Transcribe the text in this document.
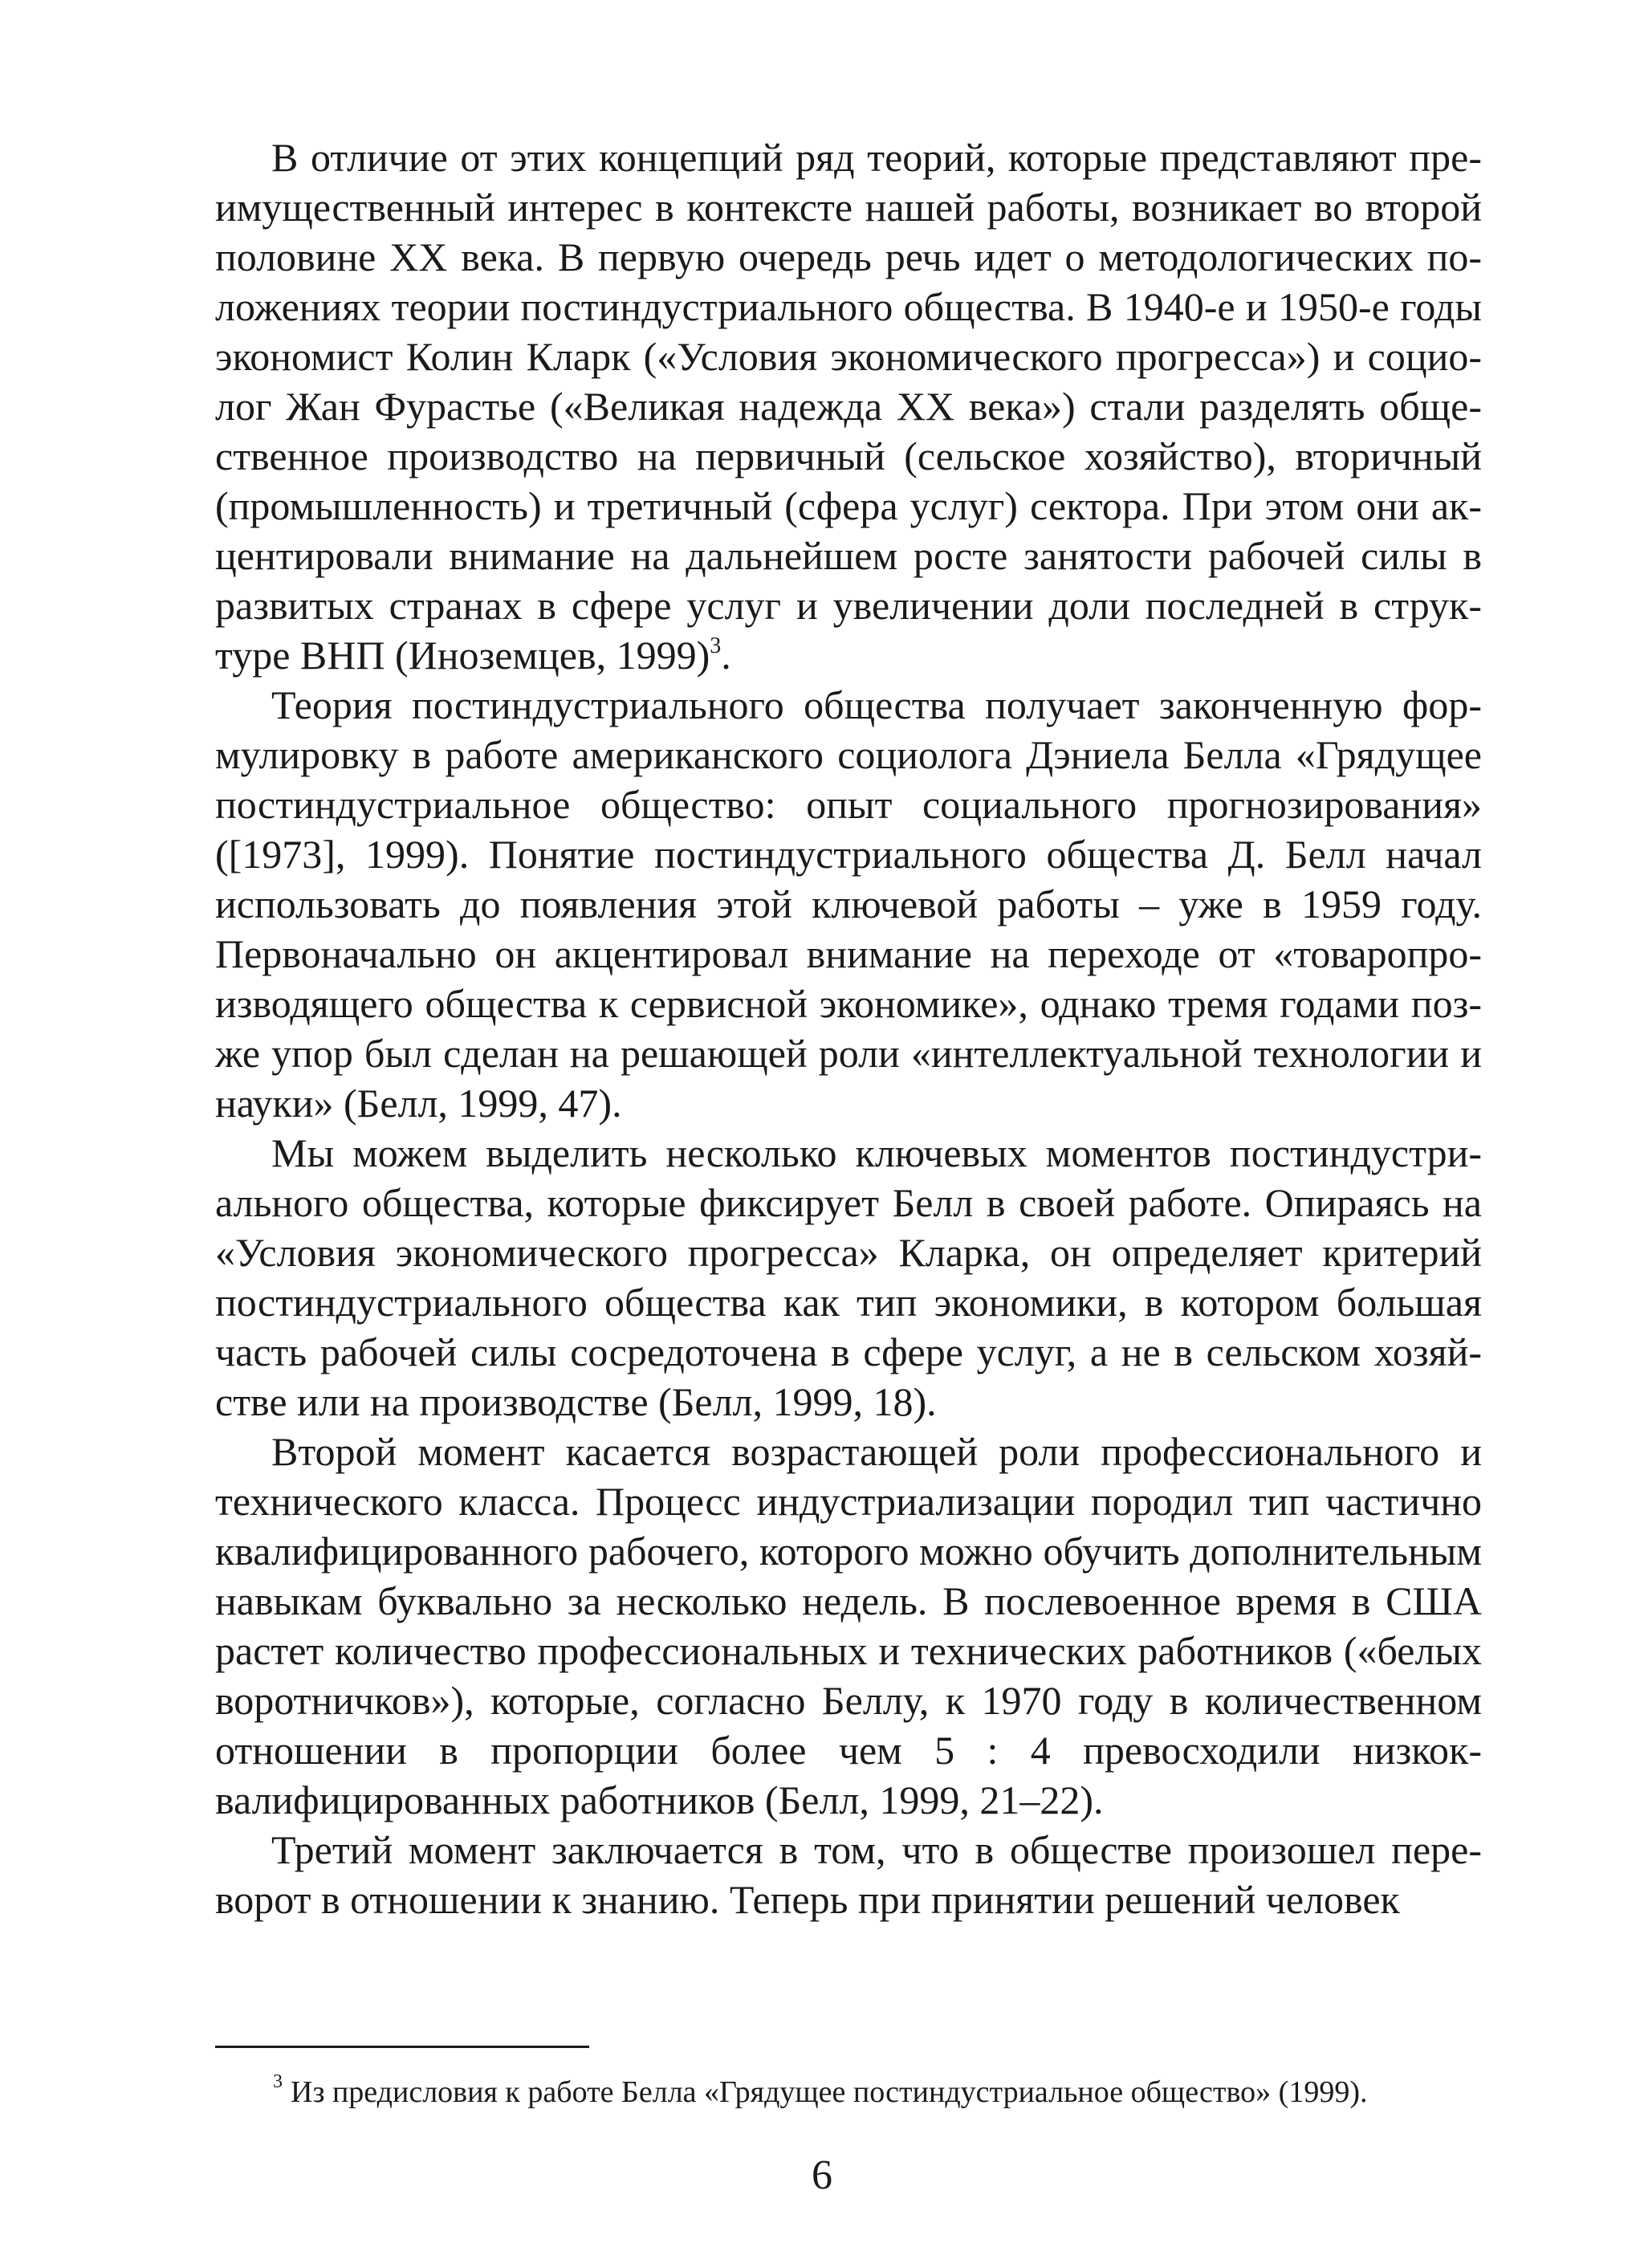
В отличие от этих концепций ряд теорий, которые представляют преимущественный интерес в контексте нашей работы, возникает во второй половине XX века. В первую очередь речь идет о методологических положениях теории постиндустриального общества. В 1940-е и 1950-е годы экономист Колин Кларк («Условия экономического прогресса») и социолог Жан Фурастье («Великая надежда XX века») стали разделять общественное производство на первичный (сельское хозяйство), вторичный (промышленность) и третичный (сфера услуг) сектора. При этом они акцентировали внимание на дальнейшем росте занятости рабочей силы в развитых странах в сфере услуг и увеличении доли последней в структуре ВНП (Иноземцев, 1999)$^3$.

Теория постиндустриального общества получает законченную формулировку в работе американского социолога Дэниела Белла «Грядущее постиндустриальное общество: опыт социального прогнозирования» ([1973], 1999). Понятие постиндустриального общества Д. Белл начал использовать до появления этой ключевой работы – уже в 1959 году. Первоначально он акцентировал внимание на переходе от «товаропроизводящего общества к сервисной экономике», однако тремя годами позже упор был сделан на решающей роли «интеллектуальной технологии и науки» (Белл, 1999, 47).

Мы можем выделить несколько ключевых моментов постиндустриального общества, которые фиксирует Белл в своей работе. Опираясь на «Условия экономического прогресса» Кларка, он определяет критерий постиндустриального общества как тип экономики, в котором большая часть рабочей силы сосредоточена в сфере услуг, а не в сельском хозяйстве или на производстве (Белл, 1999, 18).

Второй момент касается возрастающей роли профессионального и технического класса. Процесс индустриализации породил тип частично квалифицированного рабочего, которого можно обучить дополнительным навыкам буквально за несколько недель. В послевоенное время в США растет количество профессиональных и технических работников («белых воротничков»), которые, согласно Беллу, к 1970 году в количественном отношении в пропорции более чем 5 : 4 превосходили низкоквалифицированных работников (Белл, 1999, 21–22).

Третий момент заключается в том, что в обществе произошел переворот в отношении к знанию. Теперь при принятии решений человек

$^3$ Из предисловия к работе Белла «Грядущее постиндустриальное общество» (1999).

6
